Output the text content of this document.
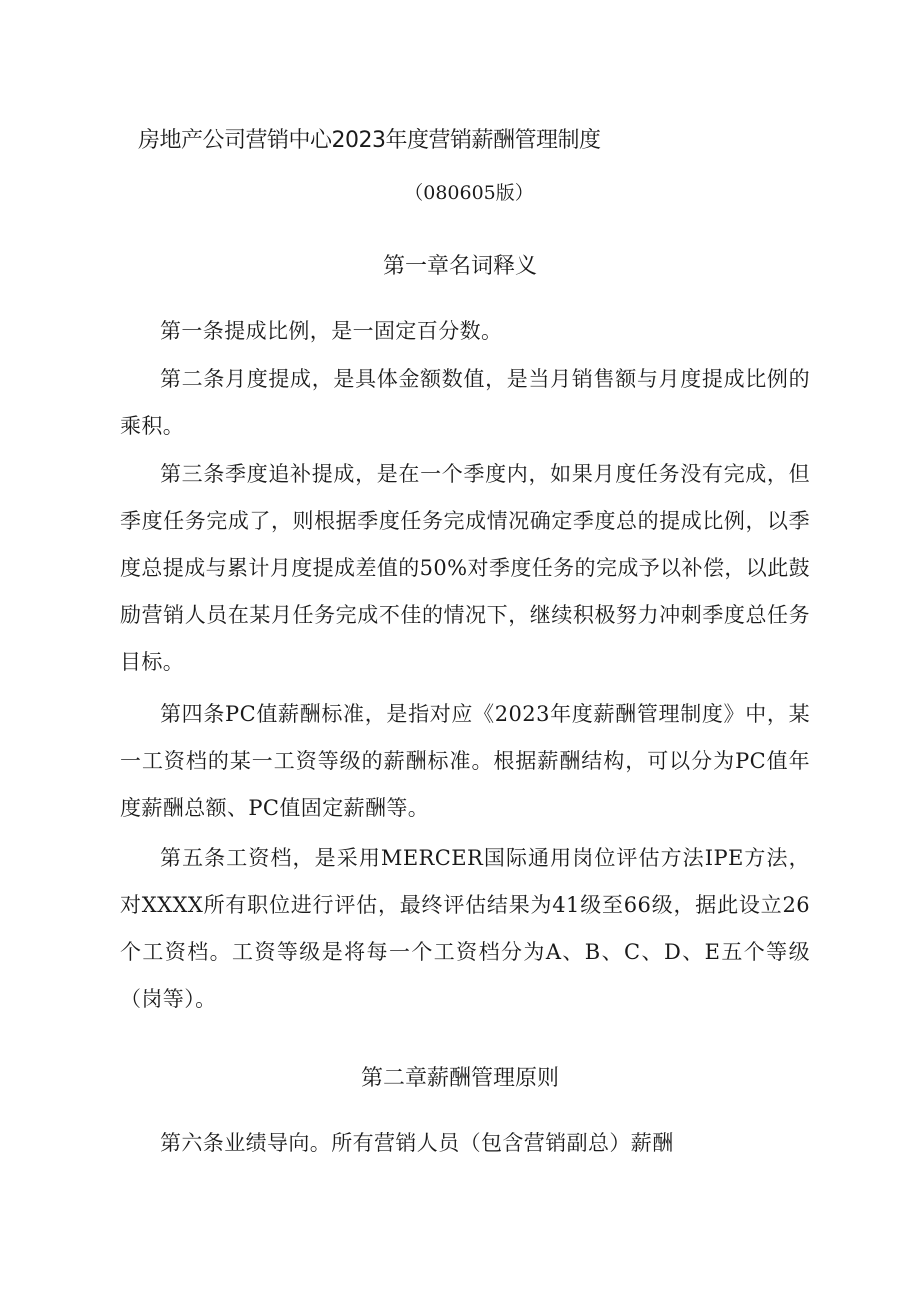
房地产公司营销中心2023年度营销薪酬管理制度
（080605版）
第一章名词释义

第一条提成比例，是一固定百分数。

第二条月度提成，是具体金额数值，是当月销售额与月度提成比例的乘积。

第三条季度追补提成，是在一个季度内，如果月度任务没有完成，但季度任务完成了，则根据季度任务完成情况确定季度总的提成比例，以季度总提成与累计月度提成差值的50%对季度任务的完成予以补偿，以此鼓励营销人员在某月任务完成不佳的情况下，继续积极努力冲刺季度总任务目标。

第四条PC值薪酬标准，是指对应《2023年度薪酬管理制度》中，某一工资档的某一工资等级的薪酬标准。根据薪酬结构，可以分为PC值年度薪酬总额、PC值固定薪酬等。

第五条工资档，是采用MERCER国际通用岗位评估方法IPE方法，对XXXX所有职位进行评估，最终评估结果为41级至66级，据此设立26个工资档。工资等级是将每一个工资档分为A、B、C、D、E五个等级（岗等）。

第二章薪酬管理原则

第六条业绩导向。所有营销人员（包含营销副总）薪酬
